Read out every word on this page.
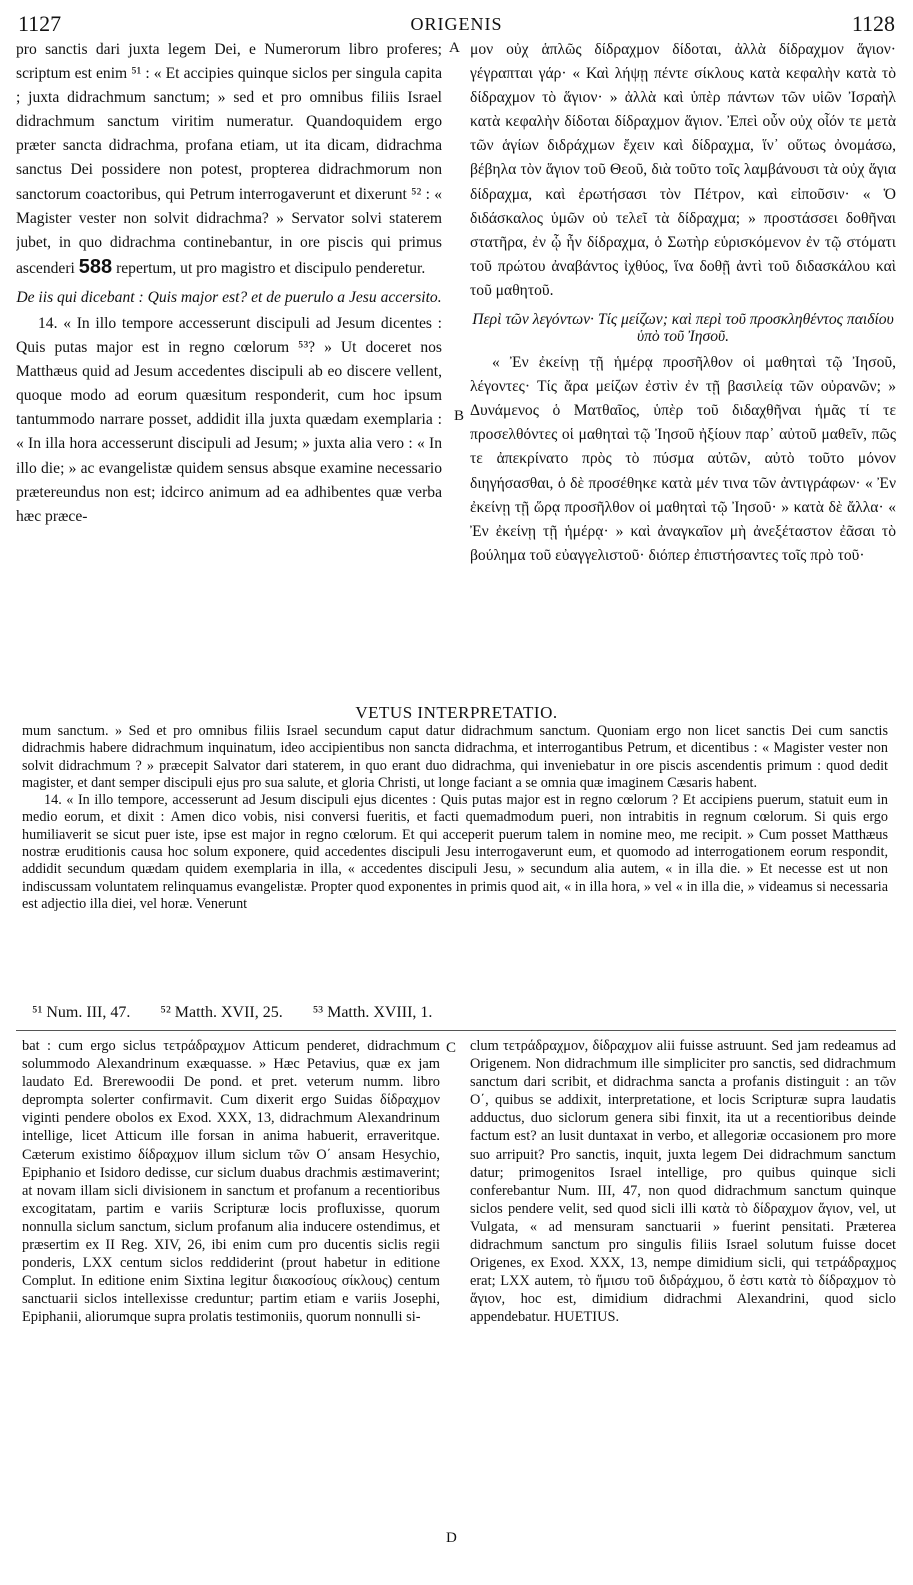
1127	ORIGENIS	1128

pro sanctis dari juxta legem Dei, e Numerorum libro proferes; scriptum est enim ⁵¹ : « Et accipies quinque siclos per singula capita ; juxta didrachmum sanctum; » sed et pro omnibus filiis Israel didrachmum sanctum viritim numeratur. Quandoquidem ergo præter sancta didrachma, profana etiam, ut ita dicam, didrachma sanctus Dei possidere non potest, propterea didrachmorum non sanctorum coactoribus, qui Petrum interrogaverunt et dixerunt ⁵² : « Magister vester non solvit didrachma? » Servator solvi staterem jubet, in quo didrachma continebantur, in ore piscis qui primus ascenderi 588 repertum, ut pro magistro et discipulo penderetur.

De iis qui dicebant : Quis major est? et de puerulo a Jesu accersito.

14. « In illo tempore accesserunt discipuli ad Jesum dicentes : Quis putas major est in regno cœlorum ⁵³? » Ut doceret nos Matthæus quid ad Jesum accedentes discipuli ab eo discere vellent, quoque modo ad eorum quæsitum responderit, cum hoc ipsum tantummodo narrare posset, addidit illa juxta quædam exemplaria : « In illa hora accesserunt discipuli ad Jesum; » juxta alia vero : « In illo die; » ac evangelistæ quidem sensus absque examine necessario prætereundus non est; idcirco animum ad ea adhibentes quæ verba hæc præce-

A
B

μον οὐχ ἁπλῶς δίδραχμον δίδοται, ἀλλὰ δίδραχμον ἅγιον· γέγραπται γάρ· « Καὶ λήψῃ πέντε σίκλους κατὰ κεφαλὴν κατὰ τὸ δίδραχμον τὸ ἅγιον· » ἀλλὰ καὶ ὑπὲρ πάντων τῶν υἱῶν Ἰσραὴλ κατὰ κεφαλὴν δίδοται δίδραχμον ἅγιον. Ἐπεὶ οὖν οὐχ οἷόν τε μετὰ τῶν ἁγίων διδράχμων ἔχειν καὶ δίδραχμα, ἵν᾽ οὕτως ὀνομάσω, βέβηλα τὸν ἅγιον τοῦ Θεοῦ, διὰ τοῦτο τοῖς λαμβάνουσι τὰ οὐχ ἅγια δίδραχμα, καὶ ἐρωτήσασι τὸν Πέτρον, καὶ εἰποῦσιν· « Ὁ διδάσκαλος ὑμῶν οὐ τελεῖ τὰ δίδραχμα; » προστάσσει δοθῆναι στατῆρα, ἐν ᾧ ἦν δίδραχμα, ὁ Σωτὴρ εὑρισκόμενον ἐν τῷ στόματι τοῦ πρώτου ἀναβάντος ἰχθύος, ἵνα δοθῇ ἀντὶ τοῦ διδασκάλου καὶ τοῦ μαθητοῦ.

Περὶ τῶν λεγόντων· Τίς μείζων; καὶ περὶ τοῦ προσκληθέντος παιδίου ὑπὸ τοῦ Ἰησοῦ.

« Ἐν ἐκείνῃ τῇ ἡμέρᾳ προσῆλθον οἱ μαθηταὶ τῷ Ἰησοῦ, λέγοντες· Τίς ἄρα μείζων ἐστὶν ἐν τῇ βασιλείᾳ τῶν οὐρανῶν; » Δυνάμενος ὁ Ματθαῖος, ὑπὲρ τοῦ διδαχθῆναι ἡμᾶς τί τε προσελθόντες οἱ μαθηταὶ τῷ Ἰησοῦ ἠξίουν παρ᾽ αὐτοῦ μαθεῖν, πῶς τε ἀπεκρίνατο πρὸς τὸ πύσμα αὐτῶν, αὐτὸ τοῦτο μόνον διηγήσασθαι, ὁ δὲ προσέθηκε κατὰ μέν τινα τῶν ἀντιγράφων· « Ἐν ἐκείνῃ τῇ ὥρᾳ προσῆλθον οἱ μαθηταὶ τῷ Ἰησοῦ· » κατὰ δὲ ἄλλα· « Ἐν ἐκείνῃ τῇ ἡμέρᾳ· » καὶ ἀναγκαῖον μὴ ἀνεξέταστον ἐᾶσαι τὸ βούλημα τοῦ εὐαγγελιστοῦ· διόπερ ἐπιστήσαντες τοῖς πρὸ τοῦ·

VETUS INTERPRETATIO.

mum sanctum. » Sed et pro omnibus filiis Israel secundum caput datur didrachmum sanctum. Quoniam ergo non licet sanctis Dei cum sanctis didrachmis habere didrachmum inquinatum, ideo accipientibus non sancta didrachma, et interrogantibus Petrum, et dicentibus : « Magister vester non solvit didrachmum ? » præcepit Salvator dari staterem, in quo erant duo didrachma, qui inveniebatur in ore piscis ascendentis primum : quod dedit magister, et dant semper discipuli ejus pro sua salute, et gloria Christi, ut longe faciant a se omnia quæ imaginem Cæsaris habent.

14. « In illo tempore, accesserunt ad Jesum discipuli ejus dicentes : Quis putas major est in regno cœlorum ? Et accipiens puerum, statuit eum in medio eorum, et dixit : Amen dico vobis, nisi conversi fueritis, et facti quemadmodum pueri, non intrabitis in regnum cœlorum. Si quis ergo humiliaverit se sicut puer iste, ipse est major in regno cœlorum. Et qui acceperit puerum talem in nomine meo, me recipit. » Cum posset Matthæus nostræ eruditionis causa hoc solum exponere, quid accedentes discipuli Jesu interrogaverunt eum, et quomodo ad interrogationem eorum respondit, addidit secundum quædam quidem exemplaria in illa, « accedentes discipuli Jesu, » secundum alia autem, « in illa die. » Et necesse est ut non indiscussam voluntatem relinquamus evangelistæ. Propter quod exponentes in primis quod ait, « in illa hora, » vel « in illa die, » videamus si necessaria est adjectio illa diei, vel horæ. Venerunt

⁵¹ Num. III, 47. ⁵² Matth. XVII, 25. ⁵³ Matth. XVIII, 1.
C
D

bat : cum ergo siclus τετράδραχμον Atticum penderet, didrachmum solummodo Alexandrinum exæquasse. » Hæc Petavius, quæ ex jam laudato Ed. Brerewoodii De pond. et pret. veterum numm. libro deprompta solerter confirmavit. Cum dixerit ergo Suidas δίδραχμον viginti pendere obolos ex Exod. XXX, 13, didrachmum Alexandrinum intellige, licet Atticum ille forsan in anima habuerit, erraveritque. Cæterum existimo δίδραχμον illum siclum τῶν Ο΄ ansam Hesychio, Epiphanio et Isidoro dedisse, cur siclum duabus drachmis æstimaverint; at novam illam sicli divisionem in sanctum et profanum a recentioribus excogitatam, partim e variis Scripturæ locis profluxisse, quorum nonnulla siclum sanctum, siclum profanum alia inducere ostendimus, et præsertim ex II Reg. XIV, 26, ibi enim cum pro ducentis siclis regii ponderis, LXX centum siclos reddiderint (prout habetur in editione Complut. In editione enim Sixtina legitur διακοσίους σίκλους) centum sanctuarii siclos intellexisse creduntur; partim etiam e variis Josephi, Epiphanii, aliorumque supra prolatis testimoniis, quorum nonnulli si-

clum τετράδραχμον, δίδραχμον alii fuisse astruunt. Sed jam redeamus ad Origenem. Non didrachmum ille simpliciter pro sanctis, sed didrachmum sanctum dari scribit, et didrachma sancta a profanis distinguit : an τῶν Ο΄, quibus se addixit, interpretatione, et locis Scripturæ supra laudatis adductus, duo siclorum genera sibi finxit, ita ut a recentioribus deinde factum est? an lusit duntaxat in verbo, et allegoriæ occasionem pro more suo arripuit? Pro sanctis, inquit, juxta legem Dei didrachmum sanctum datur; primogenitos Israel intellige, pro quibus quinque sicli conferebantur Num. III, 47, non quod didrachmum sanctum quinque siclos pendere velit, sed quod sicli illi κατὰ τὸ δίδραχμον ἅγιον, vel, ut Vulgata, « ad mensuram sanctuarii » fuerint pensitati. Præterea didrachmum sanctum pro singulis filiis Israel solutum fuisse docet Origenes, ex Exod. XXX, 13, nempe dimidium sicli, qui τετράδραχμος erat; LXX autem, τὸ ἥμισυ τοῦ διδράχμου, ὅ ἐστι κατὰ τὸ δίδραχμον τὸ ἅγιον, hoc est, dimidium didrachmi Alexandrini, quod siclo appendebatur. HUETIUS.
